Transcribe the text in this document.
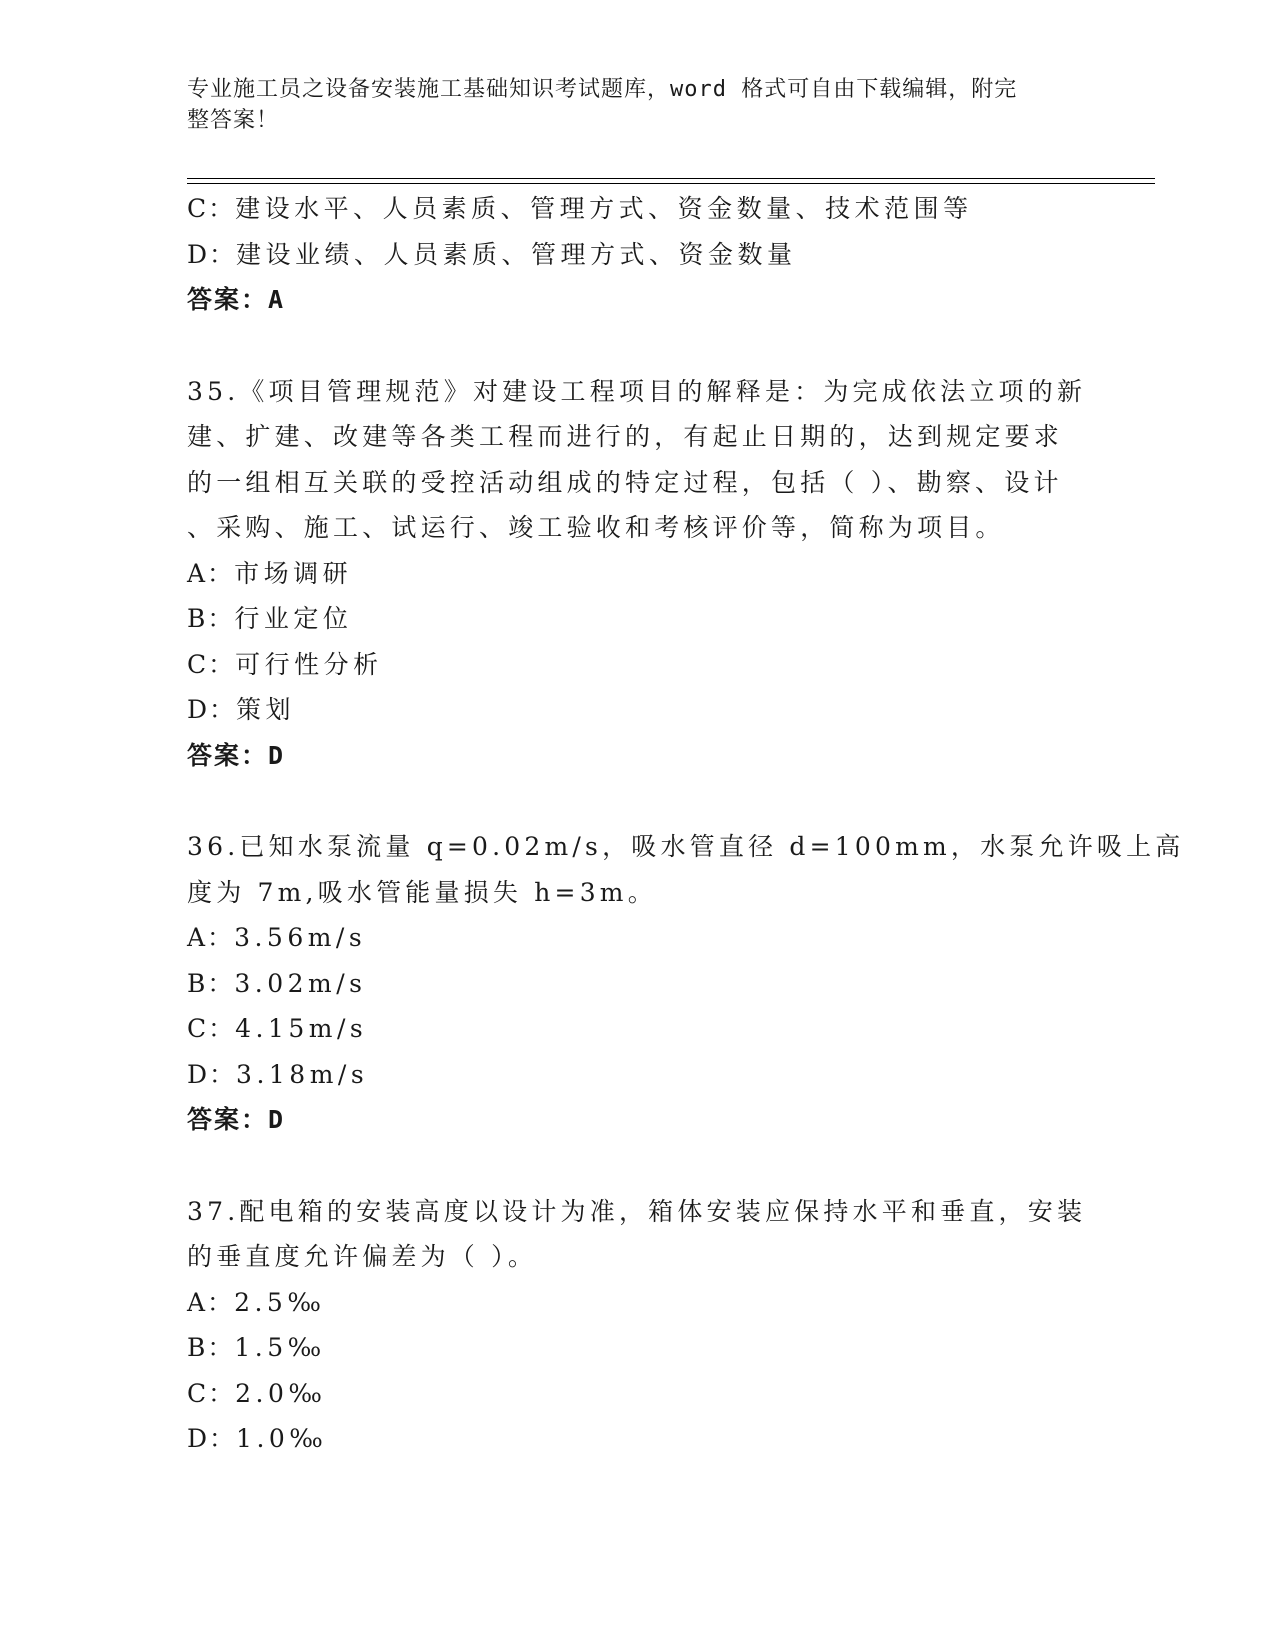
专业施工员之设备安装施工基础知识考试题库，word 格式可自由下载编辑，附完
整答案！
C：建设水平、人员素质、管理方式、资金数量、技术范围等
D：建设业绩、人员素质、管理方式、资金数量
答案：A
35.《项目管理规范》对建设工程项目的解释是：为完成依法立项的新
建、扩建、改建等各类工程而进行的，有起止日期的，达到规定要求
的一组相互关联的受控活动组成的特定过程，包括（ ）、勘察、设计
、采购、施工、试运行、竣工验收和考核评价等，简称为项目。
A：市场调研
B：行业定位
C：可行性分析
D：策划
答案：D
36.已知水泵流量 q=0.02m/s，吸水管直径 d=100mm，水泵允许吸上高
度为 7m,吸水管能量损失 h=3m。
A：3.56m/s
B：3.02m/s
C：4.15m/s
D：3.18m/s
答案：D
37.配电箱的安装高度以设计为准，箱体安装应保持水平和垂直，安装
的垂直度允许偏差为（ ）。
A：2.5‰
B：1.5‰
C：2.0‰
D：1.0‰
